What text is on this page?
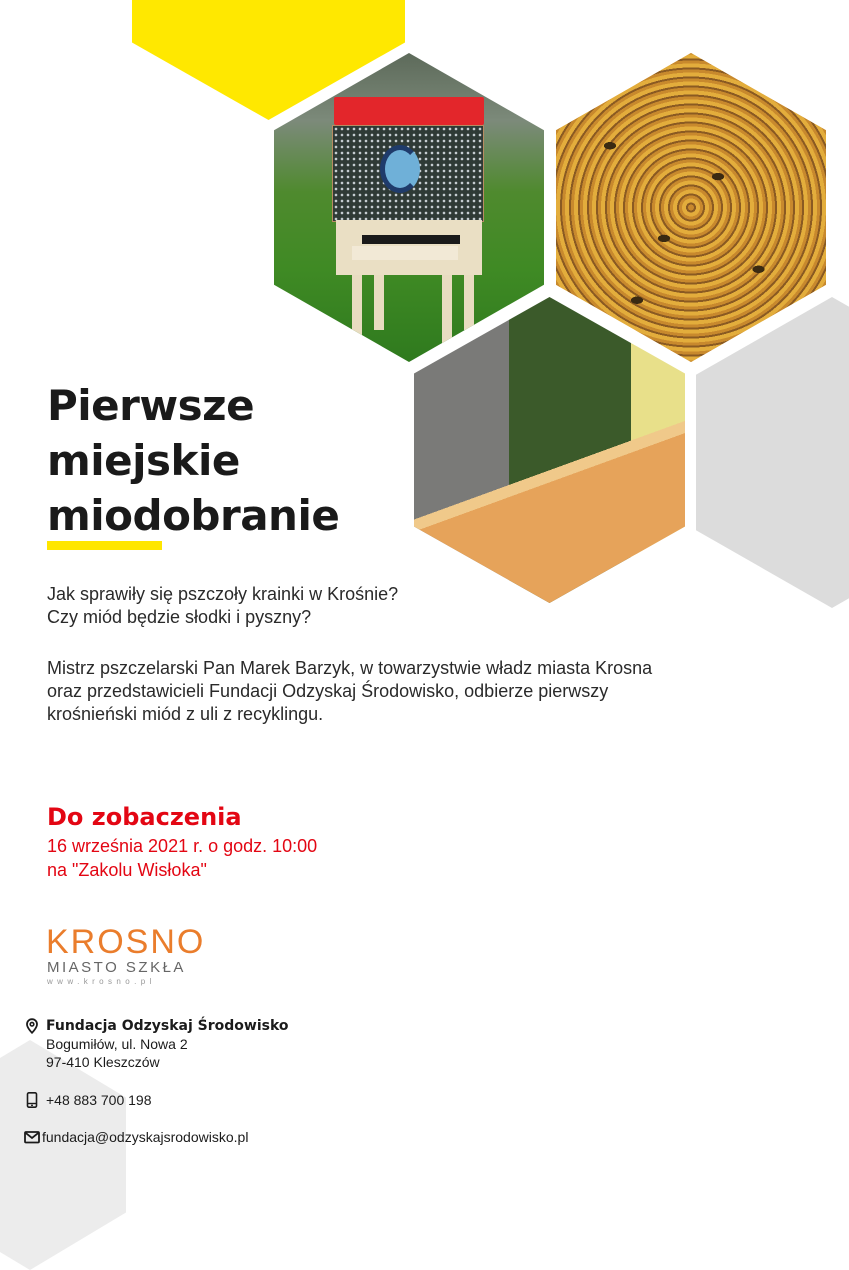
Pierwsze
miejskie
miodobranie

Jak sprawiły się pszczoły krainki w Krośnie?
Czy miód będzie słodki i pyszny?

Mistrz pszczelarski Pan Marek Barzyk, w towarzystwie władz miasta Krosna
oraz przedstawicieli Fundacji Odzyskaj Środowisko, odbierze pierwszy
krośnieński miód z uli z recyklingu.

Do zobaczenia

16 września 2021 r. o godz. 10:00

na "Zakolu Wisłoka"

KROSNO
MIASTO SZKŁA
www.krosno.pl
Fundacja Odzyskaj Środowisko
Bogumiłów, ul. Nowa 2
97-410 Kleszczów
+48 883 700 198
fundacja@odzyskajsrodowisko.pl
